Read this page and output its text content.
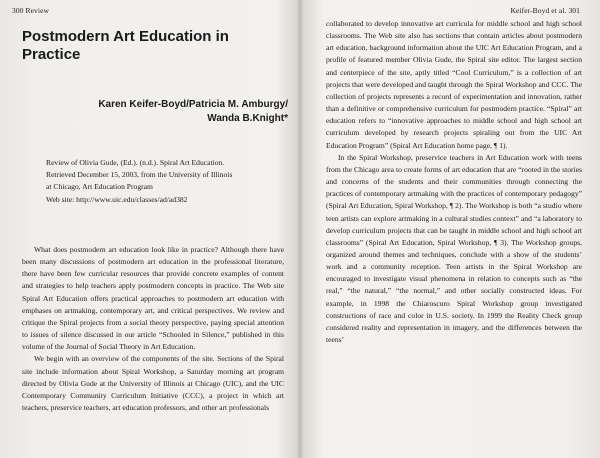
300 Review
Postmodern Art Education in Practice
Karen Keifer-Boyd/Patricia M. Amburgy/
Wanda B.Knight*

Review of Olivia Gude, (Ed.). (n.d.). Spiral Art Education.

Retrieved December 15, 2003, from the University of Illinois

at Chicago, Art Education Program

Web site: http://www.uic.edu/classes/ad/ad382

What does postmodern art education look like in practice? Although there have been many discussions of postmodern art education in the professional literature, there have been few curricular resources that provide concrete examples of content and strategies to help teachers apply postmodern concepts in practice. The Web site Spiral Art Education offers practical approaches to postmodern art education with emphases on artmaking, contemporary art, and critical perspectives. We review and critique the Spiral projects from a social theory perspective, paying special attention to issues of silence discussed in our article “Schooled in Silence,” published in this volume of the Journal of Social Theory in Art Education.

We begin with an overview of the components of the site. Sections of the Spiral site include information about Spiral Workshop, a Saturday morning art program directed by Olivia Gude at the University of Illinois at Chicago (UIC), and the UIC Contemporary Community Curriculum Initiative (CCC), a project in which art teachers, preservice teachers, art education professors, and other art professionals

Keifer-Boyd et al. 301

collaborated to develop innovative art curricula for middle school and high school classrooms. The Web site also has sections that contain articles about postmodern art education, background information about the UIC Art Education Program, and a profile of featured member Olivia Gude, the Spiral site editor. The largest section and centerpiece of the site, aptly titled “Cool Curriculum,” is a collection of art projects that were developed and taught through the Spiral Workshop and CCC. The collection of projects represents a record of experimentation and innovation, rather than a definitive or comprehensive curriculum for postmodern practice. “Spiral” art education refers to “innovative approaches to middle school and high school art curriculum developed by research projects spiraling out from the UIC Art Education Program” (Spiral Art Education home page, ¶ 1).

In the Spiral Workshop, preservice teachers in Art Education work with teens from the Chicago area to create forms of art education that are “rooted in the stories and concerns of the students and their communities through connecting the practices of contemporary artmaking with the practices of contemporary pedagogy” (Spiral Art Education, Spiral Workshop, ¶ 2). The Workshop is both “a studio where teen artists can explore artmaking in a cultural studies context” and “a laboratory to develop curriculum projects that can be taught in middle school and high school art classrooms” (Spiral Art Education, Spiral Workshop, ¶ 3). The Workshop groups, organized around themes and techniques, conclude with a show of the students’ work and a community reception. Teen artists in the Spiral Workshop are encouraged to investigate visual phenomena in relation to concepts such as “the real,” “the natural,” “the normal,” and other socially constructed ideas. For example, in 1998 the Chiaroscuro Spiral Workshop group investigated constructions of race and color in U.S. society. In 1999 the Reality Check group considered reality and representation in imagery, and the differences between the teens’
